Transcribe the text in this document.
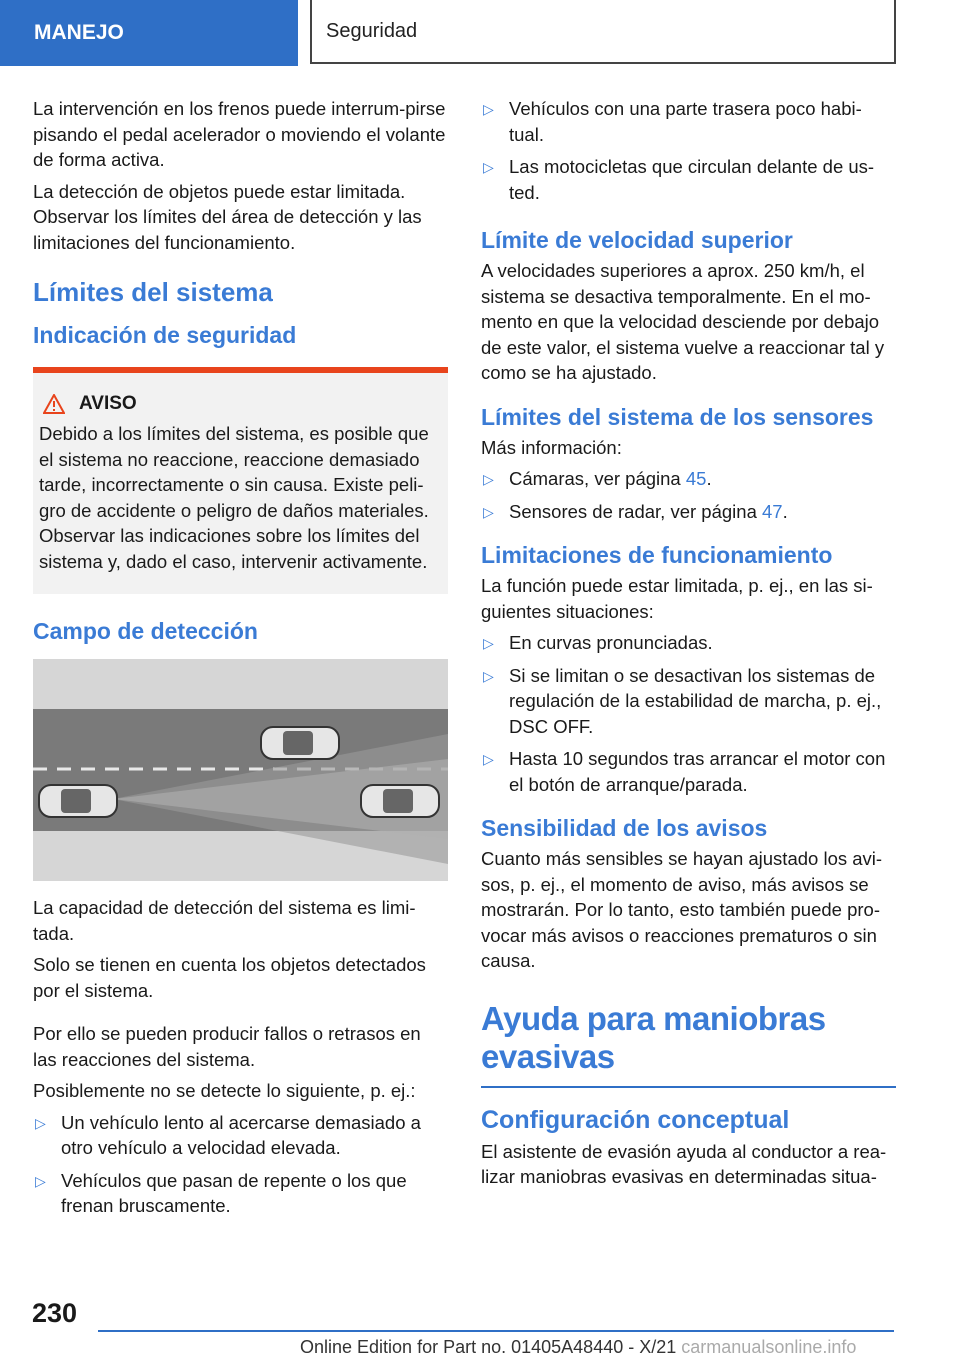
MANEJO	Seguridad

La intervención en los frenos puede interrum-pirse pisando el pedal acelerador o moviendo el volante de forma activa.

La detección de objetos puede estar limitada. Observar los límites del área de detección y las limitaciones del funcionamiento.

Límites del sistema
Indicación de seguridad
AVISO

Debido a los límites del sistema, es posible que el sistema no reaccione, reaccione demasiado tarde, incorrectamente o sin causa. Existe peli-gro de accidente o peligro de daños materiales. Observar las indicaciones sobre los límites del sistema y, dado el caso, intervenir activamente.

Campo de detección

La capacidad de detección del sistema es limi-tada.

Solo se tienen en cuenta los objetos detectados por el sistema.

Por ello se pueden producir fallos o retrasos en las reacciones del sistema.

Posiblemente no se detecte lo siguiente, p. ej.:

▷ Un vehículo lento al acercarse demasiado a otro vehículo a velocidad elevada.
▷ Vehículos que pasan de repente o los que frenan bruscamente.
▷ Vehículos con una parte trasera poco habi-tual.
▷ Las motocicletas que circulan delante de us-ted.
Límite de velocidad superior

A velocidades superiores a aprox. 250 km/h, el sistema se desactiva temporalmente. En el mo-mento en que la velocidad desciende por debajo de este valor, el sistema vuelve a reaccionar tal y como se ha ajustado.

Límites del sistema de los sensores

Más información:

▷ Cámaras, ver página 45.
▷ Sensores de radar, ver página 47.
Limitaciones de funcionamiento

La función puede estar limitada, p. ej., en las si-guientes situaciones:

▷ En curvas pronunciadas.
▷ Si se limitan o se desactivan los sistemas de regulación de la estabilidad de marcha, p. ej., DSC OFF.
▷ Hasta 10 segundos tras arrancar el motor con el botón de arranque/parada.
Sensibilidad de los avisos

Cuanto más sensibles se hayan ajustado los avi-sos, p. ej., el momento de aviso, más avisos se mostrarán. Por lo tanto, esto también puede pro-vocar más avisos o reacciones prematuros o sin causa.

Ayuda para maniobras evasivas
Configuración conceptual

El asistente de evasión ayuda al conductor a rea-lizar maniobras evasivas en determinadas situa-

230
Online Edition for Part no. 01405A48440 - X/21 carmanualsonline.info
